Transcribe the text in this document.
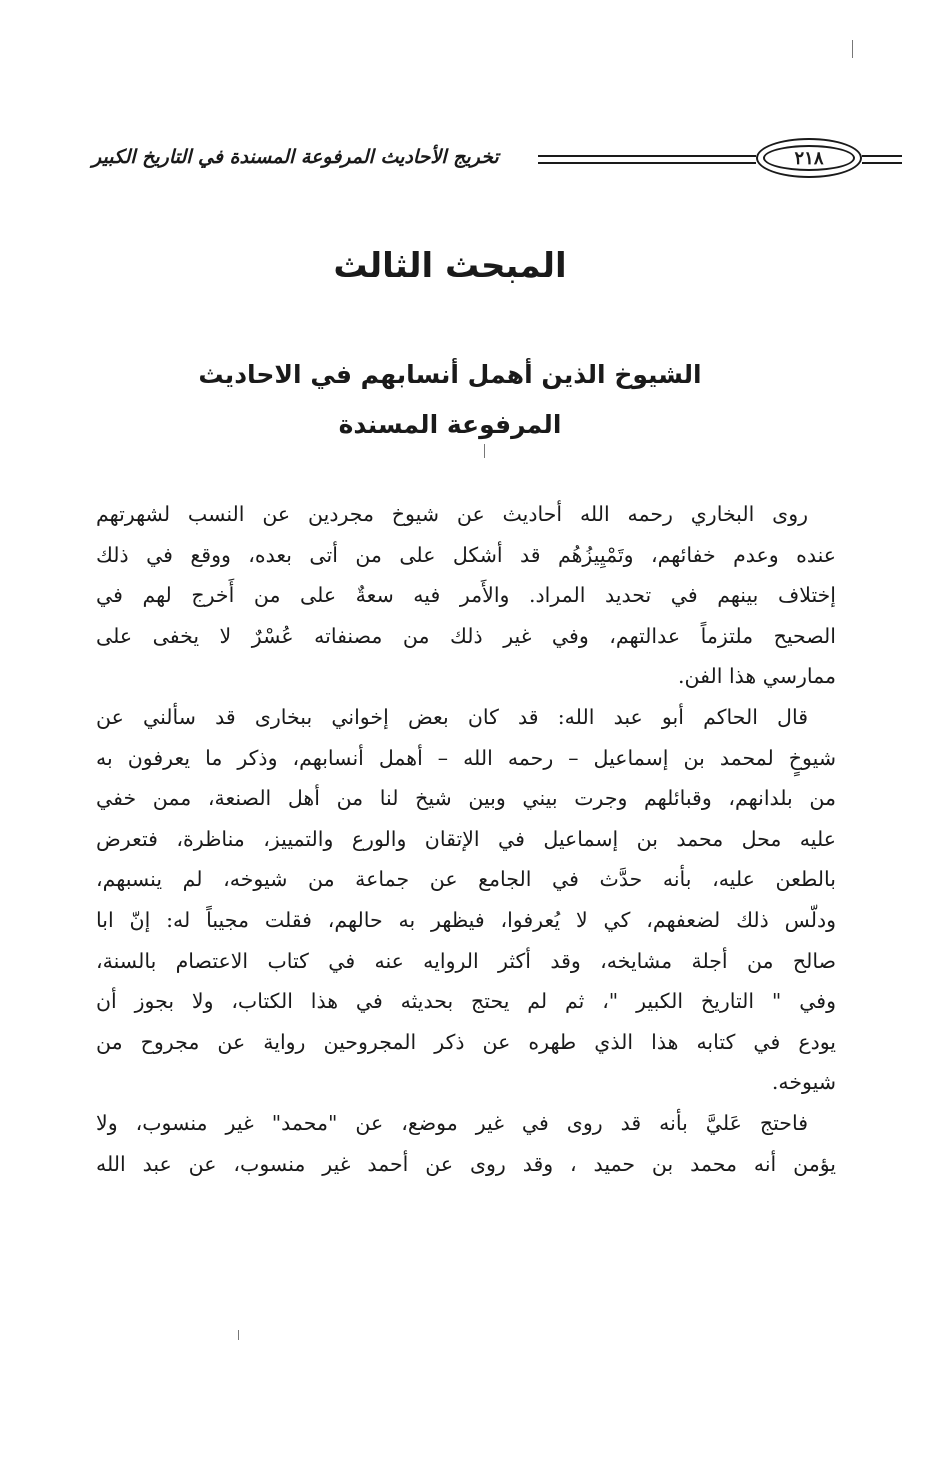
تخريج الأحاديث المرفوعة المسندة في التاريخ الكبير	٢١٨
المبحث الثالث
الشيوخ الذين أهمل أنسابهم في الاحاديث
المرفوعة المسندة

روى البخاري رحمه الله أحاديث عن شيوخ مجردين عن النسب لشهرتهم
عنده وعدم خفائهم، وتَمْيِيزُهُم قد أشكل على من أتى بعده، ووقع في ذلك
إختلاف بينهم في تحديد المراد. والأَمر فيه سعةٌ على من أَخرج لهم في
الصحيح ملتزماً عدالتهم، وفي غير ذلك من مصنفاته عُسْرٌ لا يخفى على
ممارسي هذا الفن.

قال الحاكم أبو عبد الله: قد كان بعض إخواني ببخارى قد سألني عن
شيوخٍ لمحمد بن إسماعيل – رحمه الله – أهمل أنسابهم، وذكر ما يعرفون به
من بلدانهم، وقبائلهم وجرت بيني وبين شيخ لنا من أهل الصنعة، ممن خفي
عليه محل محمد بن إسماعيل في الإتقان والورع والتمييز، مناظرة، فتعرض
بالطعن عليه، بأنه حدَّث في الجامع عن جماعة من شيوخه، لم ينسبهم،
ودلّس ذلك لضعفهم، كي لا يُعرفوا، فيظهر به حالهم، فقلت مجيباً له: إنّ ابا
صالح من أجلة مشايخه، وقد أكثر الروايه عنه في كتاب الاعتصام بالسنة،
وفي " التاريخ الكبير "، ثم لم يحتج بحديثه في هذا الكتاب، ولا بجوز أن
يودع في كتابه هذا الذي طهره عن ذكر المجروحين رواية عن مجروح من
شيوخه.

فاحتج عَليَّ بأنه قد روى في غير موضع، عن "محمد" غير منسوب، ولا
يؤمن أنه محمد بن حميد ، وقد روى عن أحمد غير منسوب، عن عبد الله
